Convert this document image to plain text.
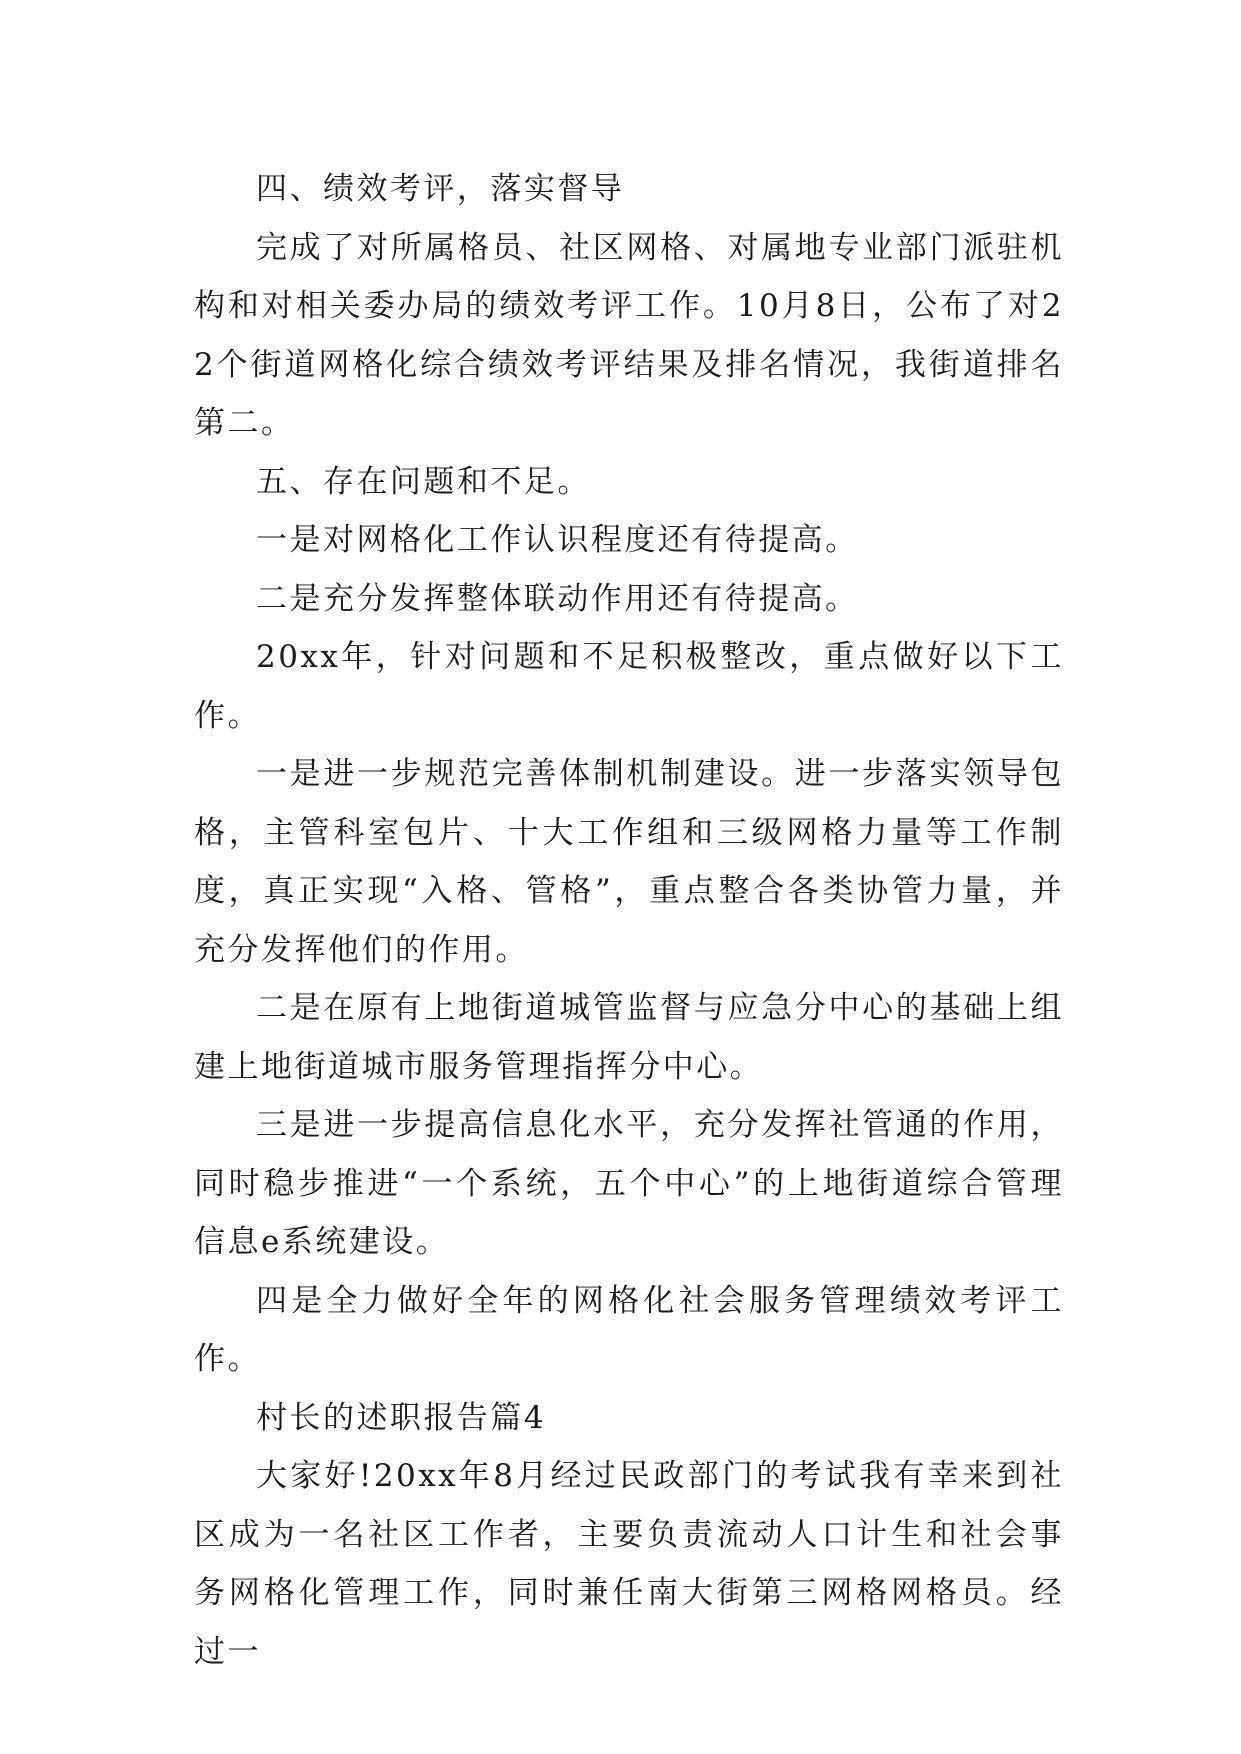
四、绩效考评，落实督导

完成了对所属格员、社区网格、对属地专业部门派驻机构和对相关委办局的绩效考评工作。10月8日，公布了对22个街道网格化综合绩效考评结果及排名情况，我街道排名第二。

五、存在问题和不足。

一是对网格化工作认识程度还有待提高。

二是充分发挥整体联动作用还有待提高。

20xx年，针对问题和不足积极整改，重点做好以下工作。

一是进一步规范完善体制机制建设。进一步落实领导包格，主管科室包片、十大工作组和三级网格力量等工作制度，真正实现“入格、管格”，重点整合各类协管力量，并充分发挥他们的作用。

二是在原有上地街道城管监督与应急分中心的基础上组建上地街道城市服务管理指挥分中心。

三是进一步提高信息化水平，充分发挥社管通的作用，同时稳步推进“一个系统，五个中心”的上地街道综合管理信息e系统建设。

四是全力做好全年的网格化社会服务管理绩效考评工作。

村长的述职报告篇4

大家好!20xx年8月经过民政部门的考试我有幸来到社区成为一名社区工作者，主要负责流动人口计生和社会事务网格化管理工作，同时兼任南大街第三网格网格员。经过一
